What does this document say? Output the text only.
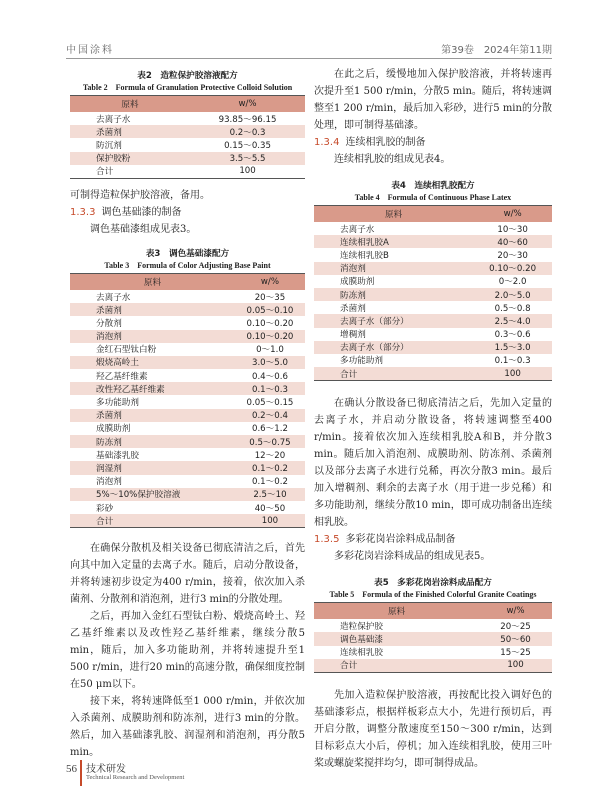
中国涂料	第39卷　2024年第11期
表2　造粒保护胶溶液配方
Table 2　Formula of Granulation Protective Colloid Solution
原料	w/%
去离子水	93.85～96.15
杀菌剂	0.2～0.3
防沉剂	0.15～0.35
保护胶粉	3.5～5.5
合计	100

可制得造粒保护胶溶液，备用。

1.3.3 调色基础漆的制备
调色基础漆组成见表3。
表3　调色基础漆配方
Table 3　Formula of Color Adjusting Base Paint
原料	w/%
去离子水	20～35
杀菌剂	0.05～0.10
分散剂	0.10～0.20
消泡剂	0.10～0.20
金红石型钛白粉	0～1.0
煅烧高岭土	3.0～5.0
羟乙基纤维素	0.4～0.6
改性羟乙基纤维素	0.1～0.3
多功能助剂	0.05～0.15
杀菌剂	0.2～0.4
成膜助剂	0.6～1.2
防冻剂	0.5～0.75
基础漆乳胶	12～20
润湿剂	0.1～0.2
消泡剂	0.1～0.2
5%～10%保护胶溶液	2.5～10
彩砂	40～50
合计	100

在确保分散机及相关设备已彻底清洁之后，首先向其中加入定量的去离子水。随后，启动分散设备，并将转速初步设定为400 r/min，接着，依次加入杀菌剂、分散剂和消泡剂，进行3 min的分散处理。

之后，再加入金红石型钛白粉、煅烧高岭土、羟乙基纤维素以及改性羟乙基纤维素，继续分散5 min，随后，加入多功能助剂，并将转速提升至1 500 r/min，进行20 min的高速分散，确保细度控制在50 μm以下。

接下来，将转速降低至1 000 r/min，并依次加入杀菌剂、成膜助剂和防冻剂，进行3 min的分散。然后，加入基础漆乳胶、润湿剂和消泡剂，再分散5 min。

在此之后，缓慢地加入保护胶溶液，并将转速再次提升至1 500 r/min，分散5 min。随后，将转速调整至1 200 r/min，最后加入彩砂，进行5 min的分散处理，即可制得基础漆。

1.3.4 连续相乳胶的制备
连续相乳胶的组成见表4。
表4　连续相乳胶配方
Table 4　Formula of Continuous Phase Latex
原料	w/%
去离子水	10～30
连续相乳胶A	40～60
连续相乳胶B	20～30
消泡剂	0.10～0.20
成膜助剂	0～2.0
防冻剂	2.0～5.0
杀菌剂	0.5～0.8
去离子水（部分）	2.5～4.0
增稠剂	0.3～0.6
去离子水（部分）	1.5～3.0
多功能助剂	0.1～0.3
合计	100

在确认分散设备已彻底清洁之后，先加入定量的去离子水，并启动分散设备，将转速调整至400 r/min。接着依次加入连续相乳胶A和B，并分散3 min。随后加入消泡剂、成膜助剂、防冻剂、杀菌剂以及部分去离子水进行兑稀，再次分散3 min。最后加入增稠剂、剩余的去离子水（用于进一步兑稀）和多功能助剂，继续分散10 min，即可成功制备出连续相乳胶。

1.3.5 多彩花岗岩涂料成品制备
多彩花岗岩涂料成品的组成见表5。
表5　多彩花岗岩涂料成品配方
Table 5　Formula of the Finished Colorful Granite Coatings
原料	w/%
造粒保护胶	20～25
调色基础漆	50～60
连续相乳胶	15～25
合计	100

先加入造粒保护胶溶液，再按配比投入调好色的基础漆彩点，根据样板彩点大小，先进行预切后，再开启分散，调整分散速度至150～300 r/min，达到目标彩点大小后，停机；加入连续相乳胶，使用三叶桨或螺旋桨搅拌均匀，即可制得成品。

56 技术研发
Technical Research and Development
